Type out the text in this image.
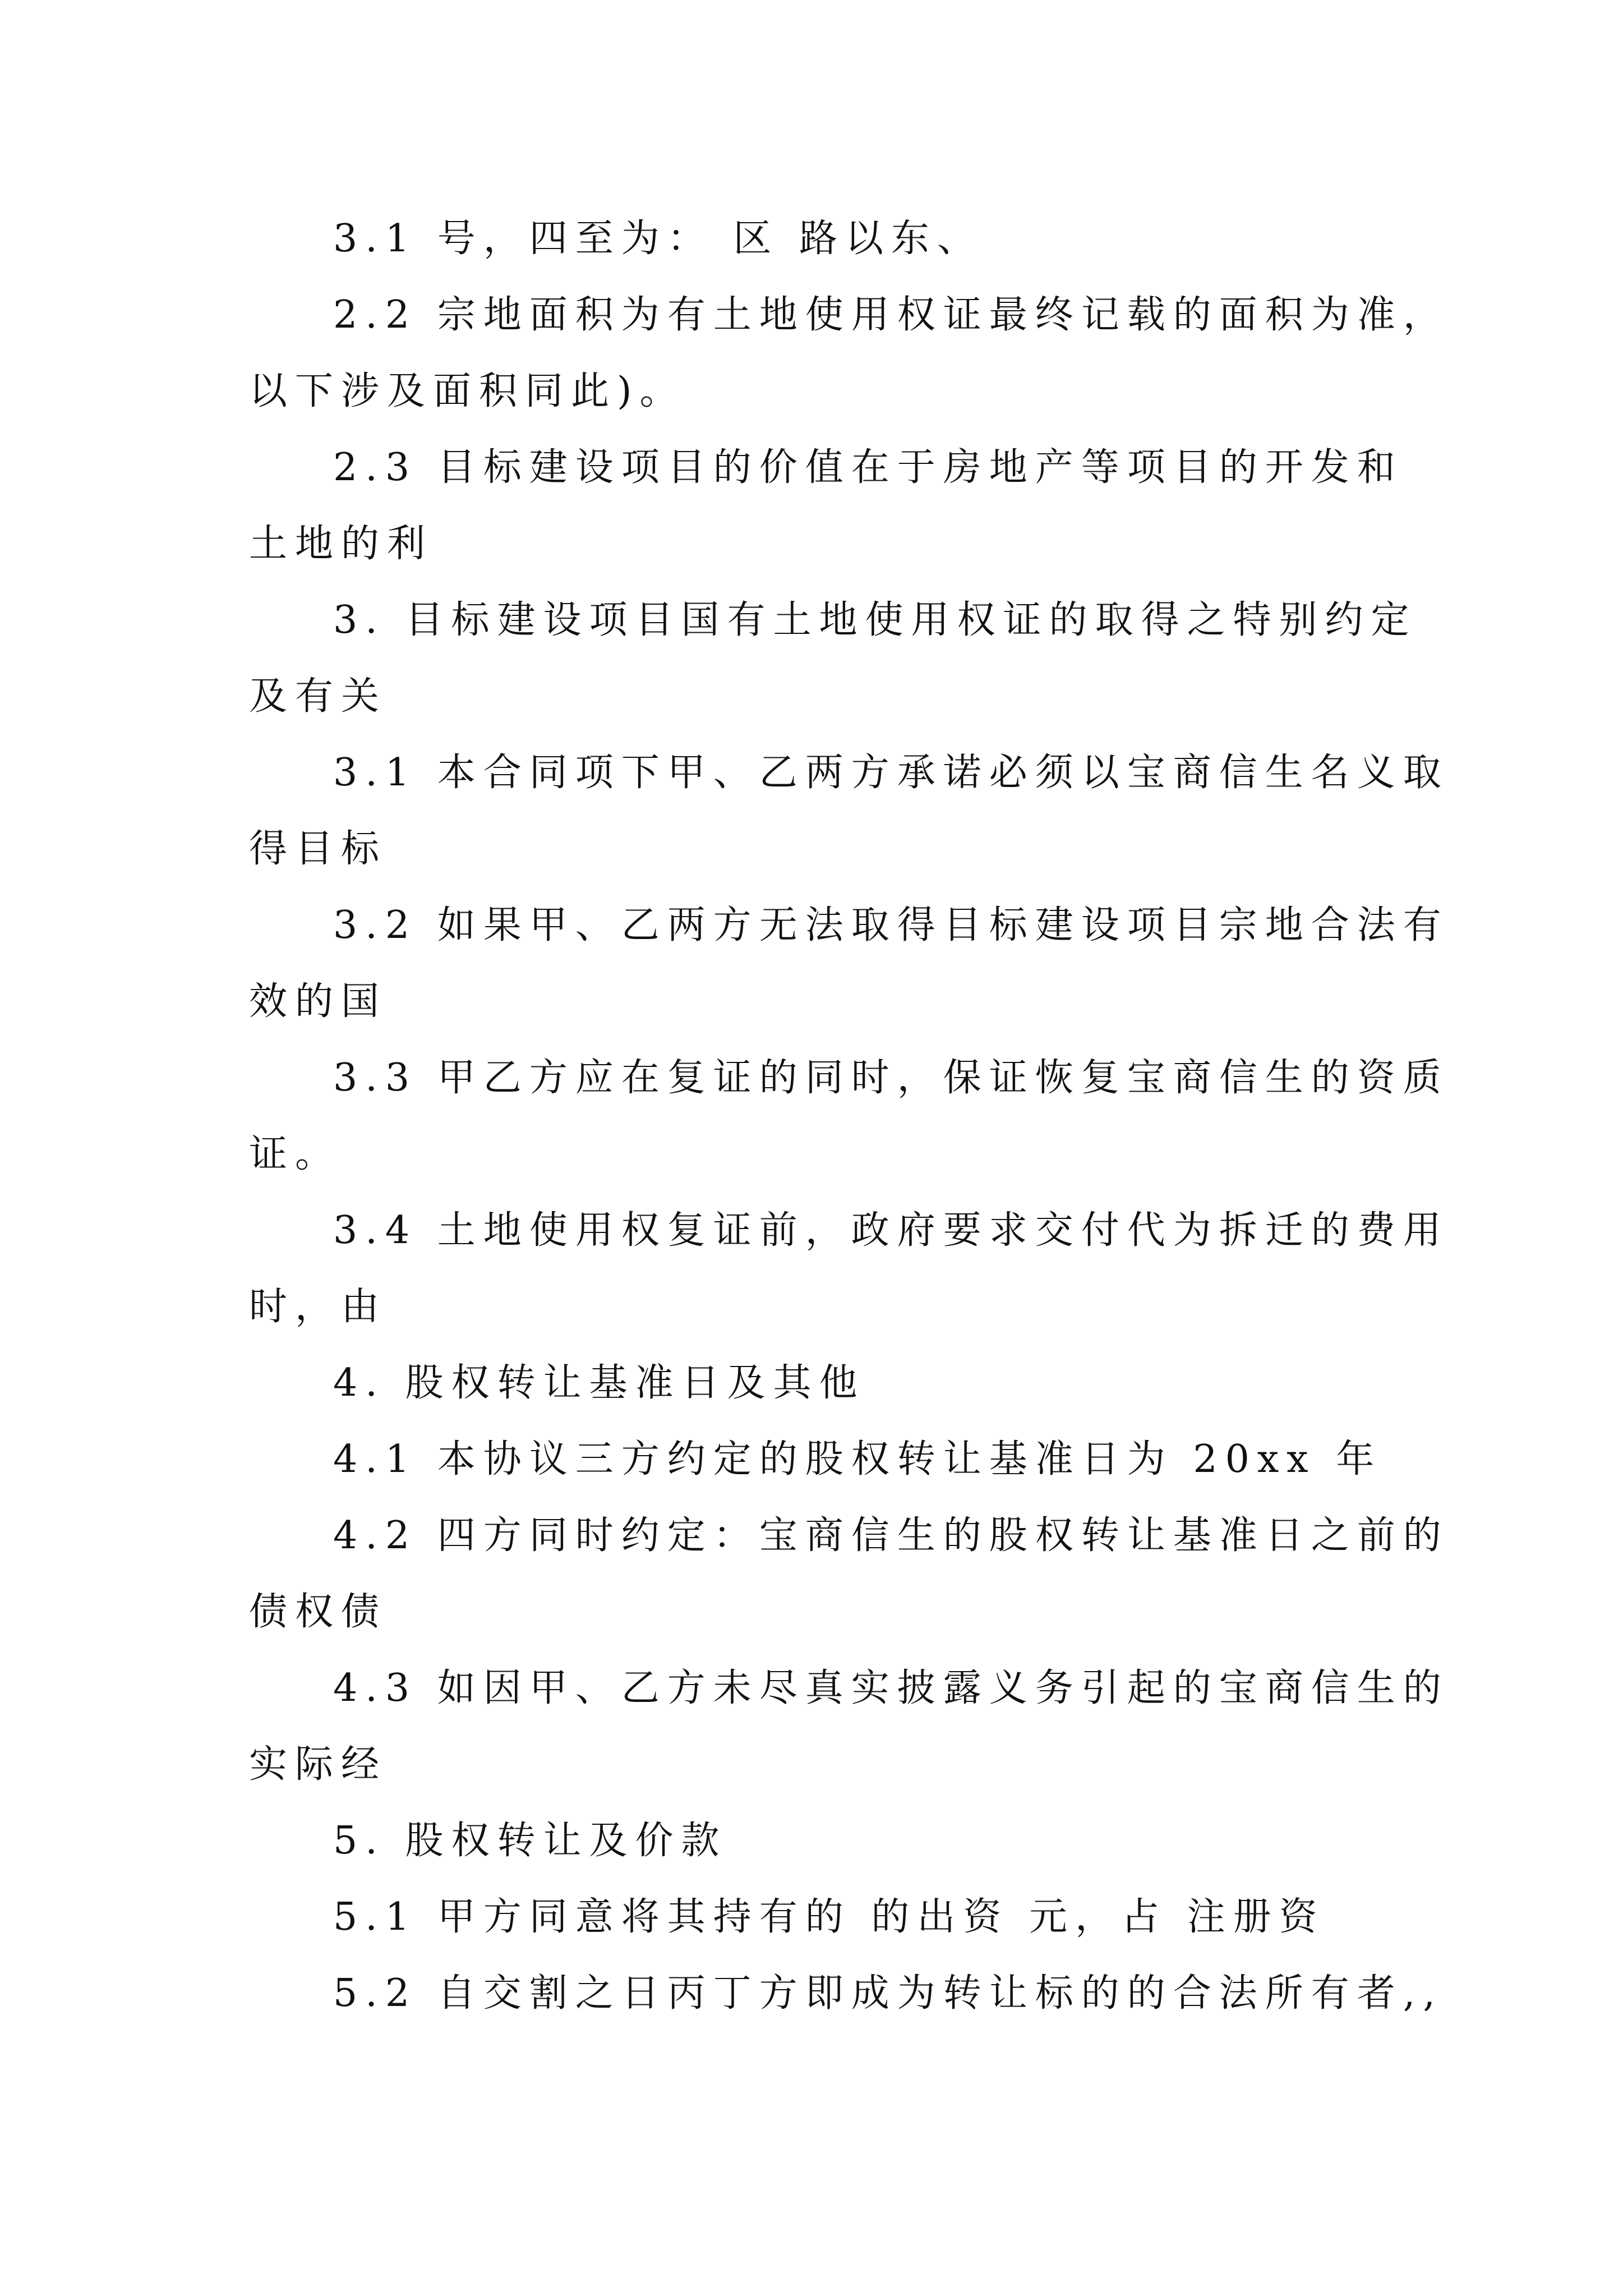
3.1 号，四至为： 区 路以东、
2.2 宗地面积为有土地使用权证最终记载的面积为准，
以下涉及面积同此)。
2.3 目标建设项目的价值在于房地产等项目的开发和
土地的利
3. 目标建设项目国有土地使用权证的取得之特别约定
及有关
3.1 本合同项下甲、乙两方承诺必须以宝商信生名义取
得目标
3.2 如果甲、乙两方无法取得目标建设项目宗地合法有
效的国
3.3 甲乙方应在复证的同时，保证恢复宝商信生的资质
证。
3.4 土地使用权复证前，政府要求交付代为拆迁的费用
时，由
4. 股权转让基准日及其他
4.1 本协议三方约定的股权转让基准日为 20xx 年
4.2 四方同时约定：宝商信生的股权转让基准日之前的
债权债
4.3 如因甲、乙方未尽真实披露义务引起的宝商信生的
实际经
5. 股权转让及价款
5.1 甲方同意将其持有的 的出资 元，占 注册资
5.2 自交割之日丙丁方即成为转让标的的合法所有者,,
